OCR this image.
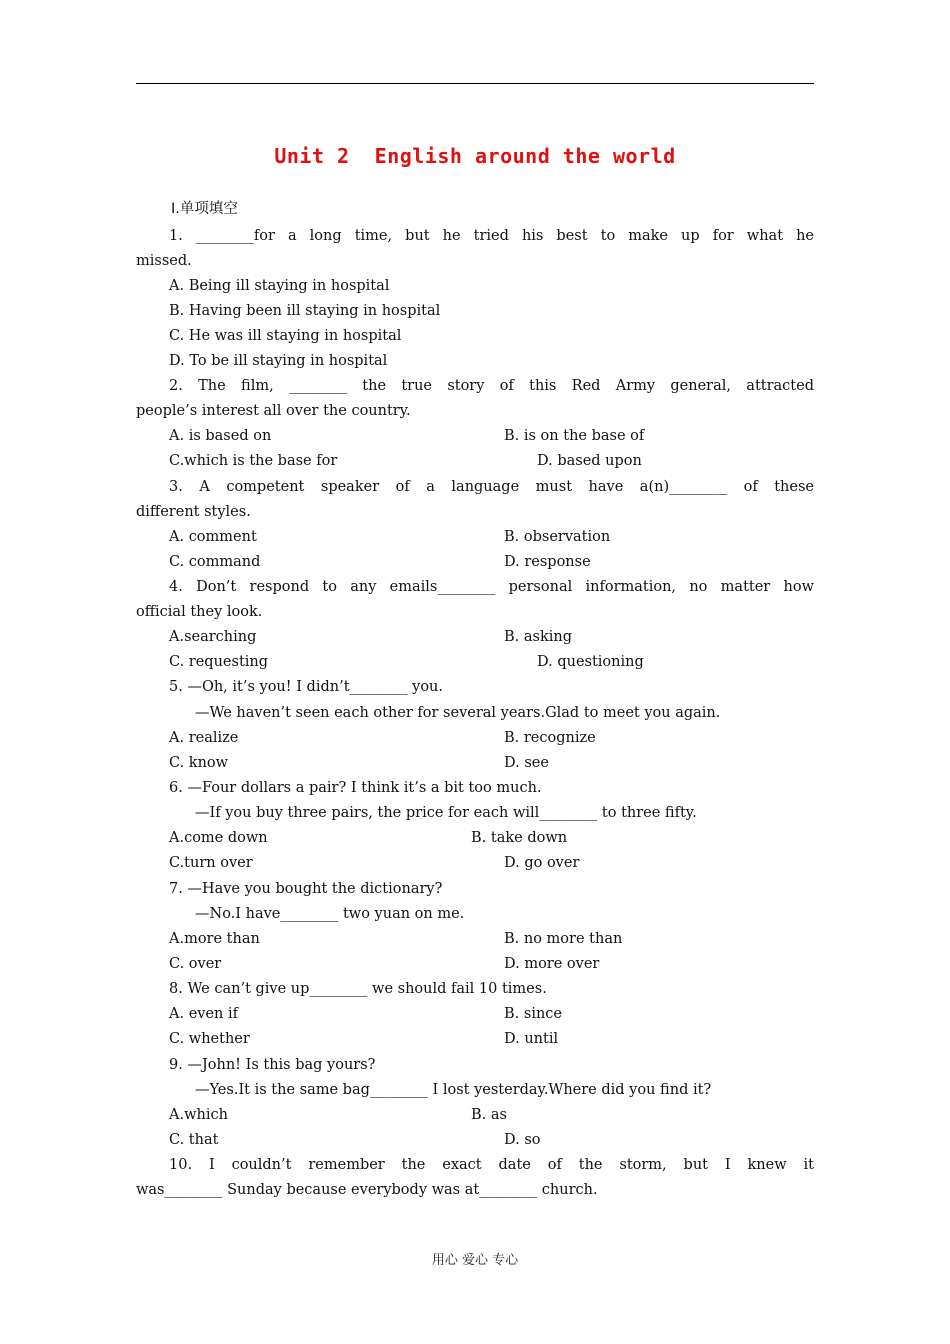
Unit 2  English around the world
Ⅰ.单项填空
1. ________for a long time, but he tried his best to make up for what he
missed.
A. Being ill staying in hospital
B. Having been ill staying in hospital
C. He was ill staying in hospital
D. To be ill staying in hospital
2. The film, ________ the true story of this Red Army general, attracted
people’s interest all over the country.
A. is based on	B. is on the base of
C.which is the base for	D. based upon
3. A competent speaker of a language must have a(n)________ of these
different styles.
A. comment	B. observation
C. command	D. response
4. Don’t respond to any emails________ personal information, no matter how
official they look.
A.searching	B. asking
C. requesting	D. questioning
5. —Oh, it’s you! I didn’t________ you.
—We haven’t seen each other for several years.Glad to meet you again.
A. realize	B. recognize
C. know	D. see
6. —Four dollars a pair? I think it’s a bit too much.
—If you buy three pairs, the price for each will________ to three fifty.
A.come down	B. take down
C.turn over	D. go over
7. —Have you bought the dictionary?
—No.I have________ two yuan on me.
A.more than	B. no more than
C. over	D. more over
8. We can’t give up________ we should fail 10 times.
A. even if	B. since
C. whether	D. until
9. —John! Is this bag yours?
—Yes.It is the same bag________ I lost yesterday.Where did you find it?
A.which	B. as
C. that	D. so
10. I couldn’t remember the exact date of the storm, but I knew it
was________ Sunday because everybody was at________ church.
用心 爱心 专心
